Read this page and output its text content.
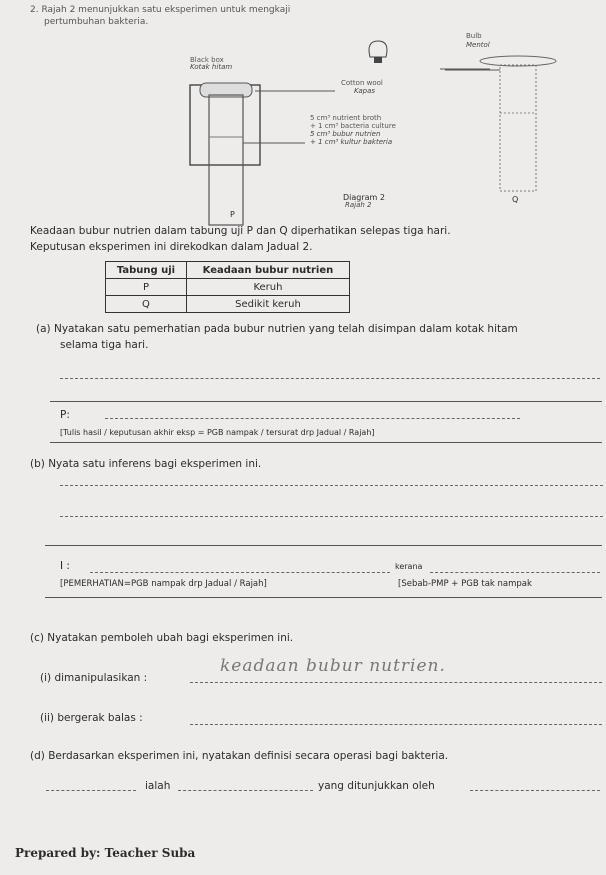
2. Rajah 2 menunjukkan satu eksperimen untuk mengkaji
pertumbuhan bakteria.
Bulb
Mentol
Black box
Kotak hitam
Cotton wool
Kapas
5 cm³ nutrient broth
+ 1 cm³ bacteria culture
5 cm³ bubur nutrien
+ 1 cm³ kultur bakteria
P
Q
Diagram 2
Rajah 2
Keadaan bubur nutrien dalam tabung uji P dan Q diperhatikan selepas tiga hari.
Keputusan eksperimen ini direkodkan dalam Jadual 2.
Tabung uji	Keadaan bubur nutrien
P	Keruh
Q	Sedikit keruh
(a) Nyatakan satu pemerhatian pada bubur nutrien yang telah disimpan dalam kotak hitam
selama tiga hari.
P:
[Tulis hasil / keputusan akhir eksp = PGB nampak / tersurat drp Jadual / Rajah]
(b) Nyata satu inferens bagi eksperimen ini.
I :	kerana
[PEMERHATIAN=PGB nampak drp Jadual / Rajah]	[Sebab-PMP + PGB tak nampak
(c) Nyatakan pemboleh ubah bagi eksperimen ini.
(i) dimanipulasikan :
keadaan bubur nutrien.
(ii) bergerak balas :
(d) Berdasarkan eksperimen ini, nyatakan definisi secara operasi bagi bakteria.
ialah	yang ditunjukkan oleh
Prepared by: Teacher Suba
